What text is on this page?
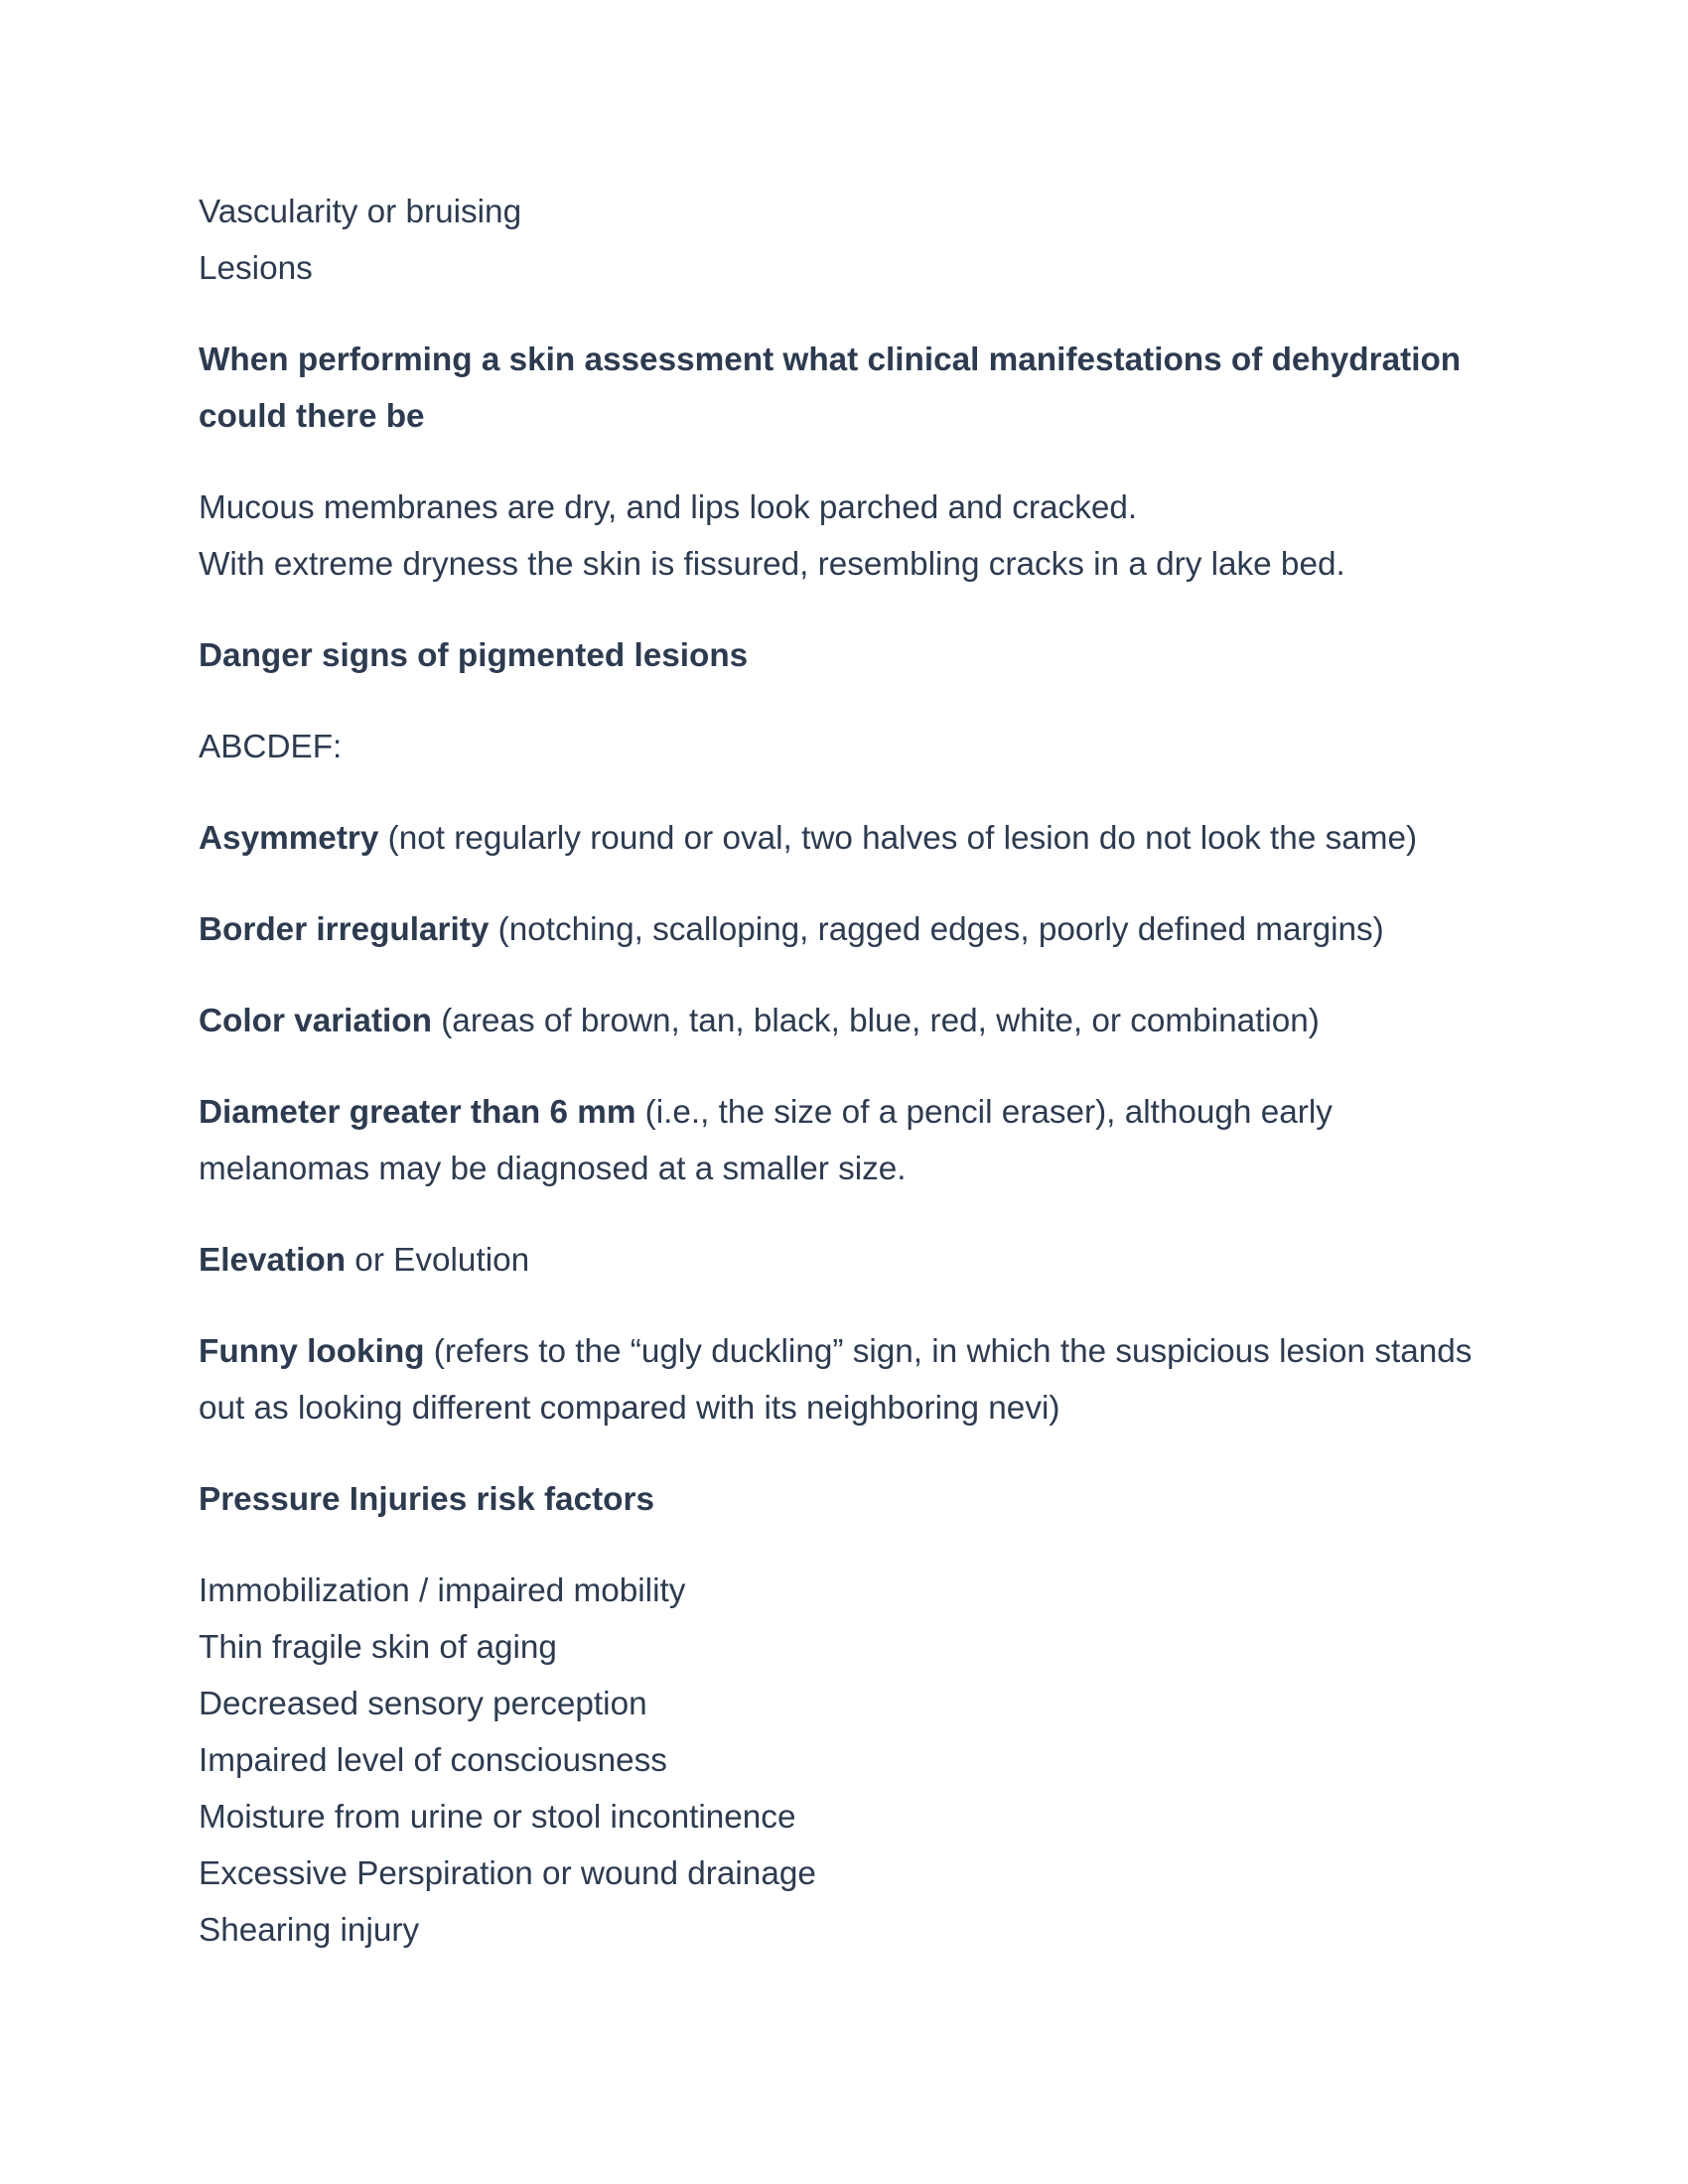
Vascularity or bruising
Lesions

When performing a skin assessment what clinical manifestations of dehydration could there be

Mucous membranes are dry, and lips look parched and cracked.
With extreme dryness the skin is fissured, resembling cracks in a dry lake bed.

Danger signs of pigmented lesions

ABCDEF:

Asymmetry (not regularly round or oval, two halves of lesion do not look the same)

Border irregularity (notching, scalloping, ragged edges, poorly defined margins)

Color variation (areas of brown, tan, black, blue, red, white, or combination)

Diameter greater than 6 mm (i.e., the size of a pencil eraser), although early melanomas may be diagnosed at a smaller size.

Elevation or Evolution

Funny looking (refers to the “ugly duckling” sign, in which the suspicious lesion stands out as looking different compared with its neighboring nevi)

Pressure Injuries risk factors

Immobilization / impaired mobility
Thin fragile skin of aging
Decreased sensory perception
Impaired level of consciousness
Moisture from urine or stool incontinence
Excessive Perspiration or wound drainage
Shearing injury
